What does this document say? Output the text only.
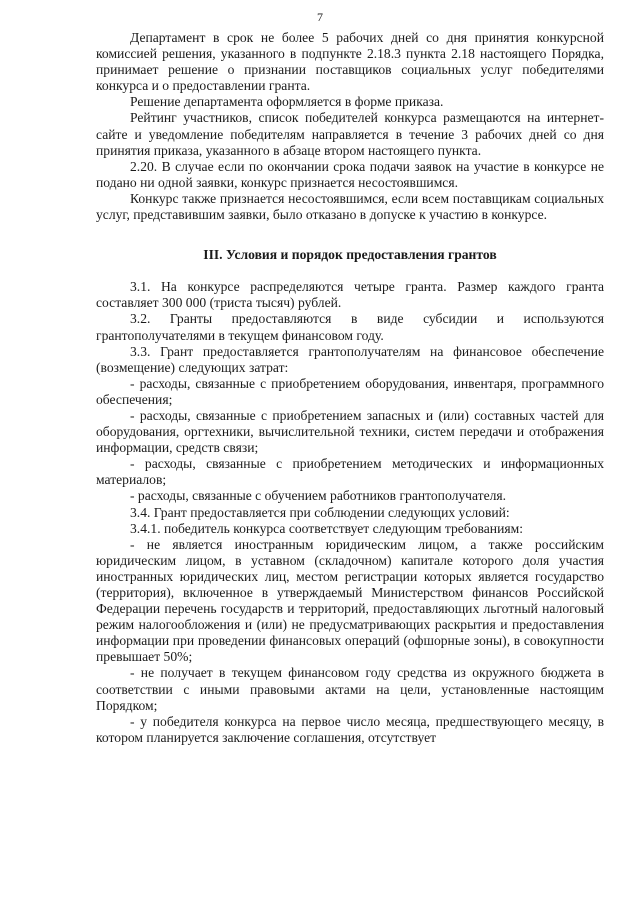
7

Департамент в срок не более 5 рабочих дней со дня принятия конкурсной комиссией решения, указанного в подпункте 2.18.3 пункта 2.18 настоящего Порядка, принимает решение о признании поставщиков социальных услуг победителями конкурса и о предоставлении гранта.

Решение департамента оформляется в форме приказа.

Рейтинг участников, список победителей конкурса размещаются на интернет-сайте и уведомление победителям направляется в течение 3 рабочих дней со дня принятия приказа, указанного в абзаце втором настоящего пункта.

2.20. В случае если по окончании срока подачи заявок на участие в конкурсе не подано ни одной заявки, конкурс признается несостоявшимся.

Конкурс также признается несостоявшимся, если всем поставщикам социальных услуг, представившим заявки, было отказано в допуске к участию в конкурсе.

III. Условия и порядок предоставления грантов

3.1. На конкурсе распределяются четыре гранта. Размер каждого гранта составляет 300 000 (триста тысяч) рублей.

3.2. Гранты предоставляются в виде субсидии и используются грантополучателями в текущем финансовом году.

3.3. Грант предоставляется грантополучателям на финансовое обеспечение (возмещение) следующих затрат:

- расходы, связанные с приобретением оборудования, инвентаря, программного обеспечения;

- расходы, связанные с приобретением запасных и (или) составных частей для оборудования, оргтехники, вычислительной техники, систем передачи и отображения информации, средств связи;

- расходы, связанные с приобретением методических и информационных материалов;

- расходы, связанные с обучением работников грантополучателя.

3.4. Грант предоставляется при соблюдении следующих условий:

3.4.1. победитель конкурса соответствует следующим требованиям:

- не является иностранным юридическим лицом, а также российским юридическим лицом, в уставном (складочном) капитале которого доля участия иностранных юридических лиц, местом регистрации которых является государство (территория), включенное в утверждаемый Министерством финансов Российской Федерации перечень государств и территорий, предоставляющих льготный налоговый режим налогообложения и (или) не предусматривающих раскрытия и предоставления информации при проведении финансовых операций (офшорные зоны), в совокупности превышает 50%;

- не получает в текущем финансовом году средства из окружного бюджета в соответствии с иными правовыми актами на цели, установленные настоящим Порядком;

- у победителя конкурса на первое число месяца, предшествующего месяцу, в котором планируется заключение соглашения, отсутствует
